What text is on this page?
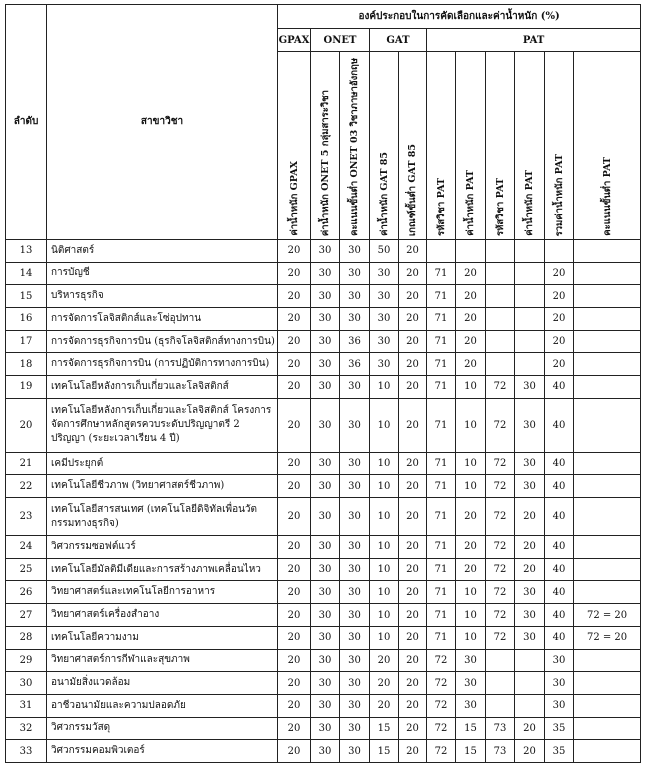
ลำดับ	สาขาวิชา	องค์ประกอบในการคัดเลือกและค่าน้ำหนัก (%)										
		GPAX	ONET		GAT		PAT					
		ค่าน้ำหนัก GPAX	ค่าน้ำหนัก ONET 5 กลุ่มสาระวิชา	คะแนนขั้นต่ำ ONET 03 วิชาภาษาอังกฤษ	ค่าน้ำหนัก GAT 85	เกณฑ์ขั้นต่ำ GAT 85	รหัสวิชา PAT	ค่าน้ำหนัก PAT	รหัสวิชา PAT	ค่าน้ำหนัก PAT	รวมค่าน้ำหนัก PAT	คะแนนขั้นต่ำ PAT
13	นิติศาสตร์	20	30	30	50	20						
14	การบัญชี	20	30	30	30	20	71	20			20	
15	บริหารธุรกิจ	20	30	30	30	20	71	20			20	
16	การจัดการโลจิสติกส์และโซ่อุปทาน	20	30	30	30	20	71	20			20	
17	การจัดการธุรกิจการบิน (ธุรกิจโลจิสติกส์ทางการบิน)	20	30	36	30	20	71	20			20	
18	การจัดการธุรกิจการบิน (การปฏิบัติการทางการบิน)	20	30	36	30	20	71	20			20	
19	เทคโนโลยีหลังการเก็บเกี่ยวและโลจิสติกส์	20	30	30	10	20	71	10	72	30	40	
20	เทคโนโลยีหลังการเก็บเกี่ยวและโลจิสติกส์ โครงการจัดการศึกษาหลักสูตรควบระดับปริญญาตรี 2 ปริญญา (ระยะเวลาเรียน 4 ปี)	20	30	30	10	20	71	10	72	30	40	
21	เคมีประยุกต์	20	30	30	10	20	71	10	72	30	40	
22	เทคโนโลยีชีวภาพ (วิทยาศาสตร์ชีวภาพ)	20	30	30	10	20	71	10	72	30	40	
23	เทคโนโลยีสารสนเทศ (เทคโนโลยีดิจิทัลเพื่อนวัตกรรมทางธุรกิจ)	20	30	30	10	20	71	20	72	20	40	
24	วิศวกรรมซอฟต์แวร์	20	30	30	10	20	71	20	72	20	40	
25	เทคโนโลยีมัลติมีเดียและการสร้างภาพเคลื่อนไหว	20	30	30	10	20	71	20	72	20	40	
26	วิทยาศาสตร์และเทคโนโลยีการอาหาร	20	30	30	10	20	71	10	72	30	40	
27	วิทยาศาสตร์เครื่องสำอาง	20	30	30	10	20	71	10	72	30	40	72 = 20
28	เทคโนโลยีความงาม	20	30	30	10	20	71	10	72	30	40	72 = 20
29	วิทยาศาสตร์การกีฬาและสุขภาพ	20	30	30	20	20	72	30			30	
30	อนามัยสิ่งแวดล้อม	20	30	30	20	20	72	30			30	
31	อาชีวอนามัยและความปลอดภัย	20	30	30	20	20	72	30			30	
32	วิศวกรรมวัสดุ	20	30	30	15	20	72	15	73	20	35	
33	วิศวกรรมคอมพิวเตอร์	20	30	30	15	20	72	15	73	20	35	
